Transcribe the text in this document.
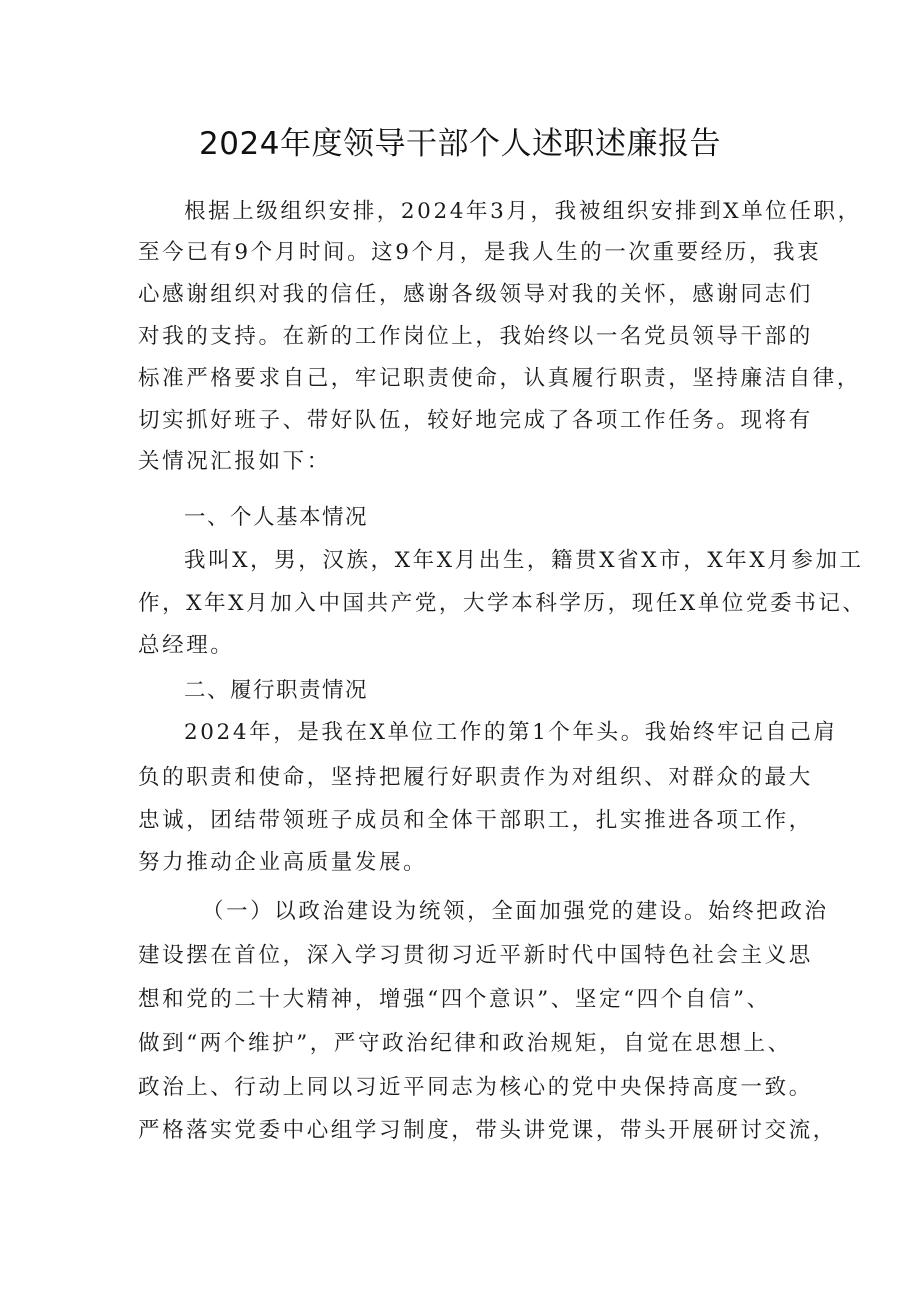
2024年度领导干部个人述职述廉报告

根据上级组织安排，2024年3月，我被组织安排到X单位任职，

至今已有9个月时间。这9个月，是我人生的一次重要经历，我衷

心感谢组织对我的信任，感谢各级领导对我的关怀，感谢同志们

对我的支持。在新的工作岗位上，我始终以一名党员领导干部的

标准严格要求自己，牢记职责使命，认真履行职责，坚持廉洁自律，

切实抓好班子、带好队伍，较好地完成了各项工作任务。现将有

关情况汇报如下：

一、个人基本情况

我叫X，男，汉族，X年X月出生，籍贯X省X市，X年X月参加工

作，X年X月加入中国共产党，大学本科学历，现任X单位党委书记、

总经理。

二、履行职责情况

2024年，是我在X单位工作的第1个年头。我始终牢记自己肩

负的职责和使命，坚持把履行好职责作为对组织、对群众的最大

忠诚，团结带领班子成员和全体干部职工，扎实推进各项工作，

努力推动企业高质量发展。

（一）以政治建设为统领，全面加强党的建设。始终把政治

建设摆在首位，深入学习贯彻习近平新时代中国特色社会主义思

想和党的二十大精神，增强“四个意识”、坚定“四个自信”、

做到“两个维护”，严守政治纪律和政治规矩，自觉在思想上、

政治上、行动上同以习近平同志为核心的党中央保持高度一致。

严格落实党委中心组学习制度，带头讲党课，带头开展研讨交流，
